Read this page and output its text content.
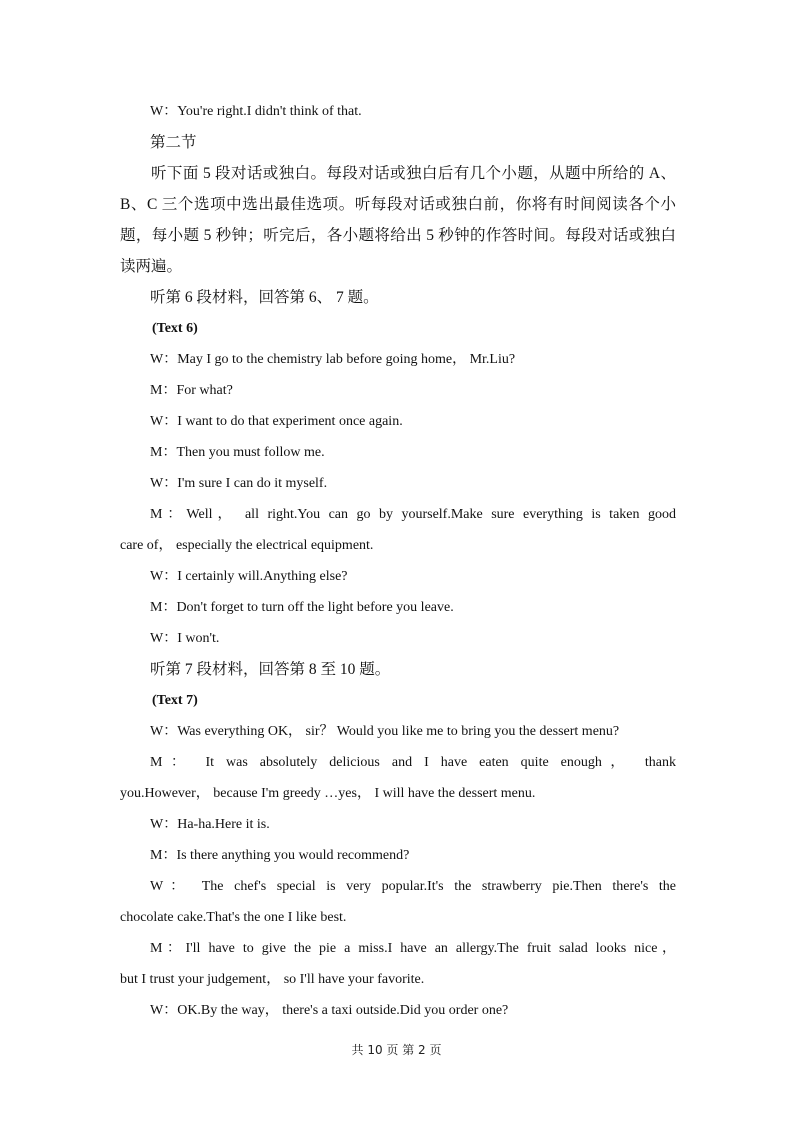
W：You're right.I didn't think of that.
第二节
听下面 5 段对话或独白。每段对话或独白后有几个小题，从题中所给的 A、B、C 三个选项中选出最佳选项。听每段对话或独白前，你将有时间阅读各个小题，每小题 5 秒钟；听完后，各小题将给出 5 秒钟的作答时间。每段对话或独白读两遍。
听第 6 段材料，回答第 6、 7 题。
(Text 6)
W：May I go to the chemistry lab before going home， Mr.Liu?
M：For what?
W：I want to do that experiment once again.
M：Then you must follow me.
W：I'm sure I can do it myself.
M：Well， all right.You can go by yourself.Make sure everything is taken good
care of， especially the electrical equipment.
W：I certainly will.Anything else?
M：Don't forget to turn off the light before you leave.
W：I won't.
听第 7 段材料，回答第 8 至 10 题。
(Text 7)
W：Was everything OK， sir？ Would you like me to bring you the dessert menu?
M： It was absolutely delicious and I have eaten quite enough， thank
you.However， because I'm greedy …yes， I will have the dessert menu.
W：Ha-ha.Here it is.
M：Is there anything you would recommend?
W： The chef's special is very popular.It's the strawberry pie.Then there's the
chocolate cake.That's the one I like best.
M：I'll have to give the pie a miss.I have an allergy.The fruit salad looks nice，
but I trust your judgement， so I'll have your favorite.
W：OK.By the way， there's a taxi outside.Did you order one?
共 10 页 第 2 页
